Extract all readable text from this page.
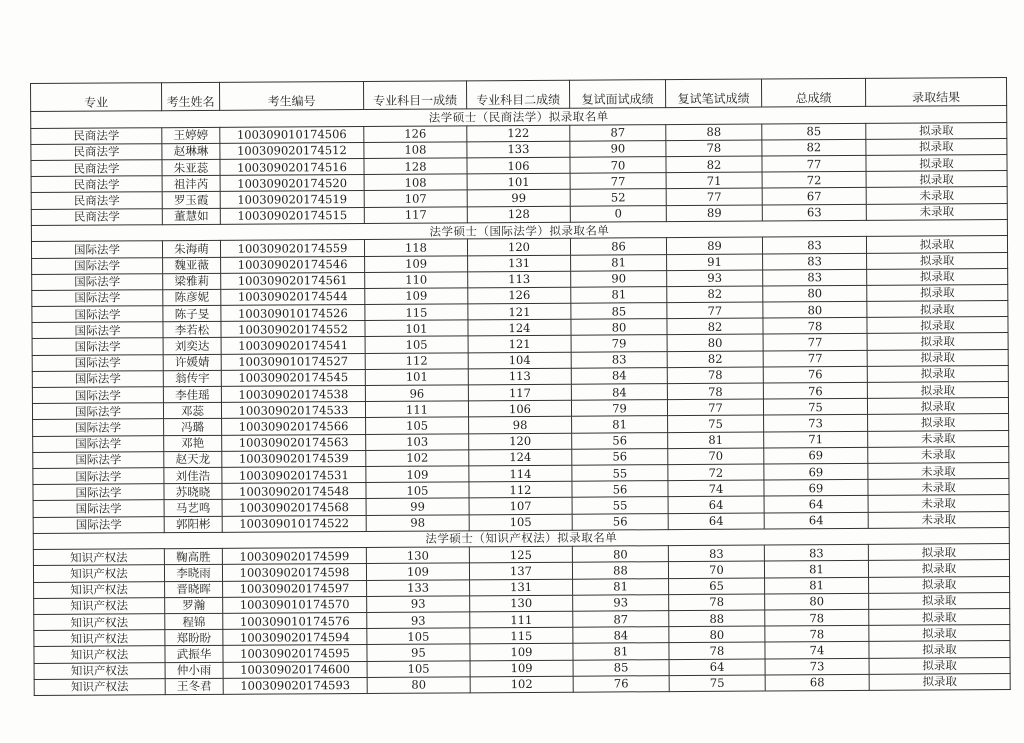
专业	考生姓名	考生编号	专业科目一成绩	专业科目二成绩	复试面试成绩	复试笔试成绩	总成绩	录取结果
法学硕士（民商法学）拟录取名单								
民商法学	王婷婷	100309010174506	126	122	87	88	85	拟录取
民商法学	赵琳琳	100309020174512	108	133	90	78	82	拟录取
民商法学	朱亚蕊	100309020174516	128	106	70	82	77	拟录取
民商法学	祖沣芮	100309020174520	108	101	77	71	72	拟录取
民商法学	罗玉霞	100309020174519	107	99	52	77	67	未录取
民商法学	董慧如	100309020174515	117	128	0	89	63	未录取
法学硕士（国际法学）拟录取名单								
国际法学	朱海萌	100309020174559	118	120	86	89	83	拟录取
国际法学	魏亚薇	100309020174546	109	131	81	91	83	拟录取
国际法学	梁雅莉	100309020174561	110	113	90	93	83	拟录取
国际法学	陈彦妮	100309020174544	109	126	81	82	80	拟录取
国际法学	陈子旻	100309010174526	115	121	85	77	80	拟录取
国际法学	李若松	100309020174552	101	124	80	82	78	拟录取
国际法学	刘奕达	100309020174541	105	121	79	80	77	拟录取
国际法学	许媛婧	100309010174527	112	104	83	82	77	拟录取
国际法学	翁传宇	100309020174545	101	113	84	78	76	拟录取
国际法学	李佳瑶	100309020174538	96	117	84	78	76	拟录取
国际法学	邓蕊	100309020174533	111	106	79	77	75	拟录取
国际法学	冯璐	100309020174566	105	98	81	75	73	拟录取
国际法学	邓艳	100309020174563	103	120	56	81	71	未录取
国际法学	赵天龙	100309020174539	102	124	56	70	69	未录取
国际法学	刘佳浩	100309020174531	109	114	55	72	69	未录取
国际法学	苏晓晓	100309020174548	105	112	56	74	69	未录取
国际法学	马艺鸣	100309020174568	99	107	55	64	64	未录取
国际法学	郭阳彬	100309010174522	98	105	56	64	64	未录取
法学硕士（知识产权法）拟录取名单								
知识产权法	鞠高胜	100309020174599	130	125	80	83	83	拟录取
知识产权法	李晓雨	100309020174598	109	137	88	70	81	拟录取
知识产权法	晋晓晖	100309020174597	133	131	81	65	81	拟录取
知识产权法	罗瀚	100309010174570	93	130	93	78	80	拟录取
知识产权法	程锦	100309010174576	93	111	87	88	78	拟录取
知识产权法	郑盼盼	100309020174594	105	115	84	80	78	拟录取
知识产权法	武振华	100309020174595	95	109	81	78	74	拟录取
知识产权法	仲小雨	100309020174600	105	109	85	64	73	拟录取
知识产权法	王冬君	100309020174593	80	102	76	75	68	拟录取
